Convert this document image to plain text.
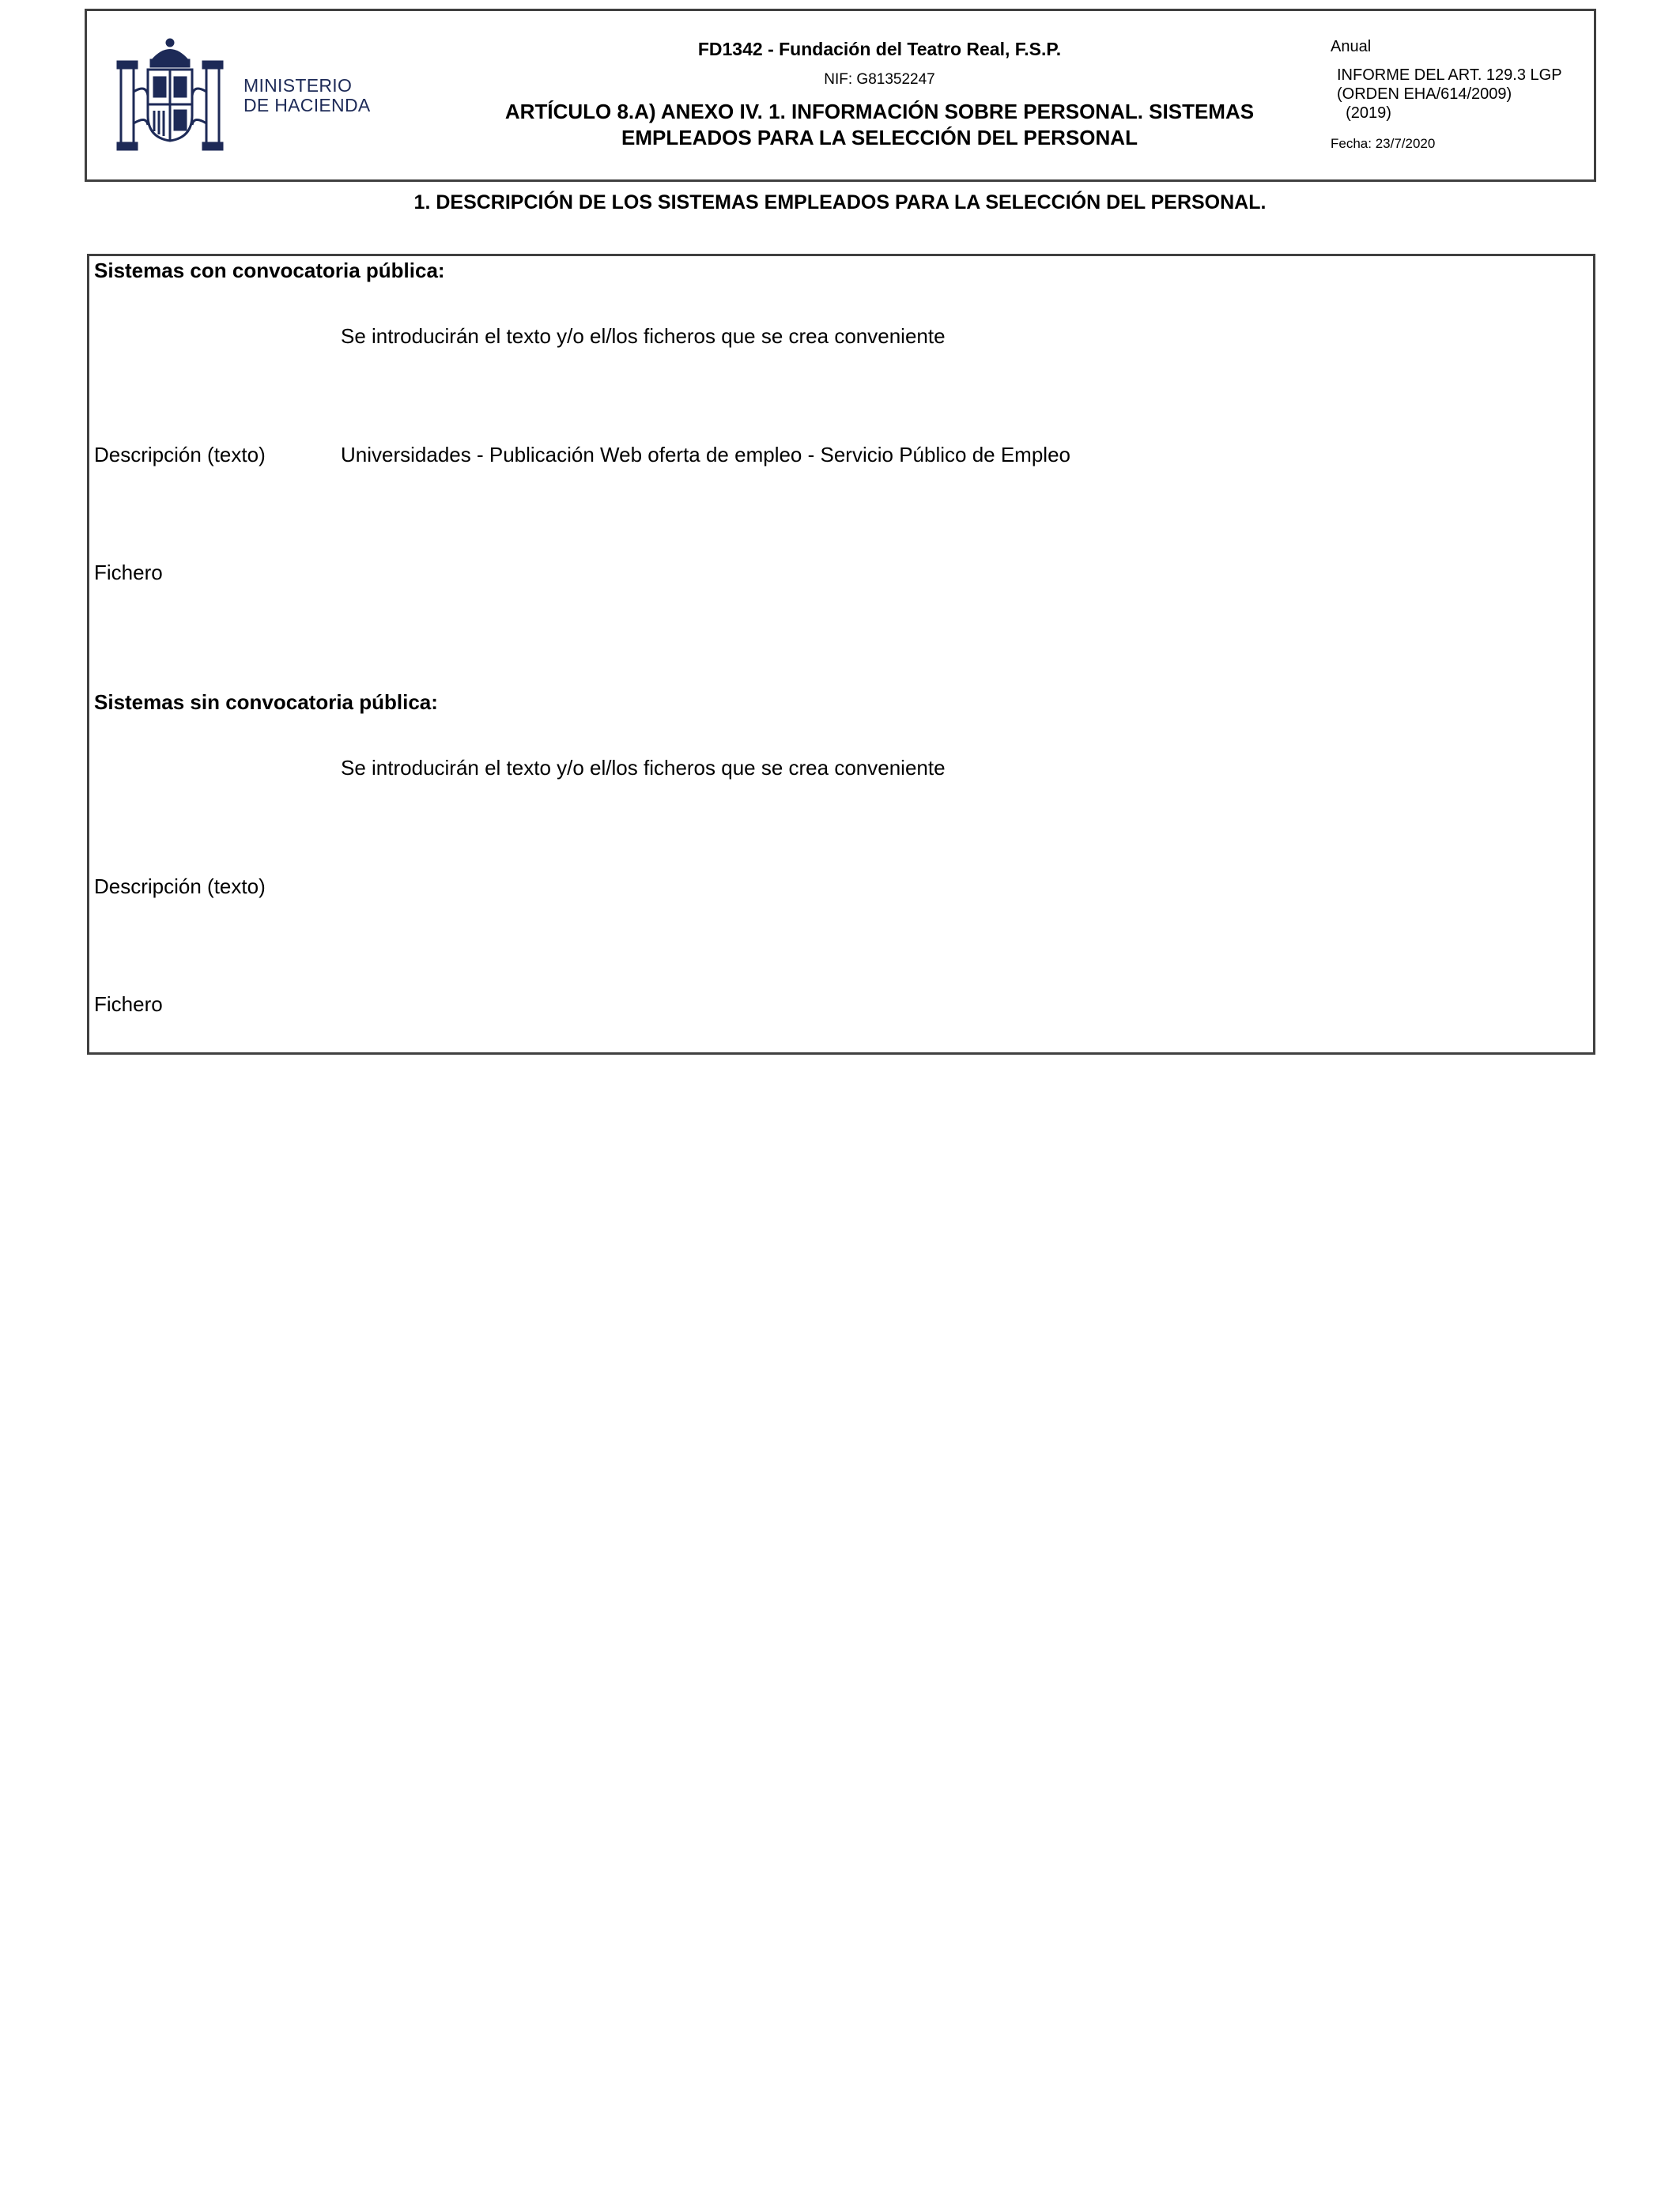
MINISTERIO
DE HACIENDA
FD1342 - Fundación del Teatro Real, F.S.P.
NIF: G81352247
ARTÍCULO 8.A) ANEXO IV. 1. INFORMACIÓN SOBRE PERSONAL. SISTEMAS
EMPLEADOS PARA LA SELECCIÓN DEL PERSONAL
Anual
INFORME DEL ART. 129.3 LGP
(ORDEN EHA/614/2009)
(2019)
Fecha: 23/7/2020
1. DESCRIPCIÓN DE LOS SISTEMAS EMPLEADOS PARA LA SELECCIÓN DEL PERSONAL.
Sistemas con convocatoria pública:
Se introducirán el texto y/o el/los ficheros que se crea conveniente
Descripción (texto)	Universidades - Publicación Web oferta de empleo - Servicio Público de Empleo
Fichero
Sistemas sin convocatoria pública:
Se introducirán el texto y/o el/los ficheros que se crea conveniente
Descripción (texto)
Fichero
